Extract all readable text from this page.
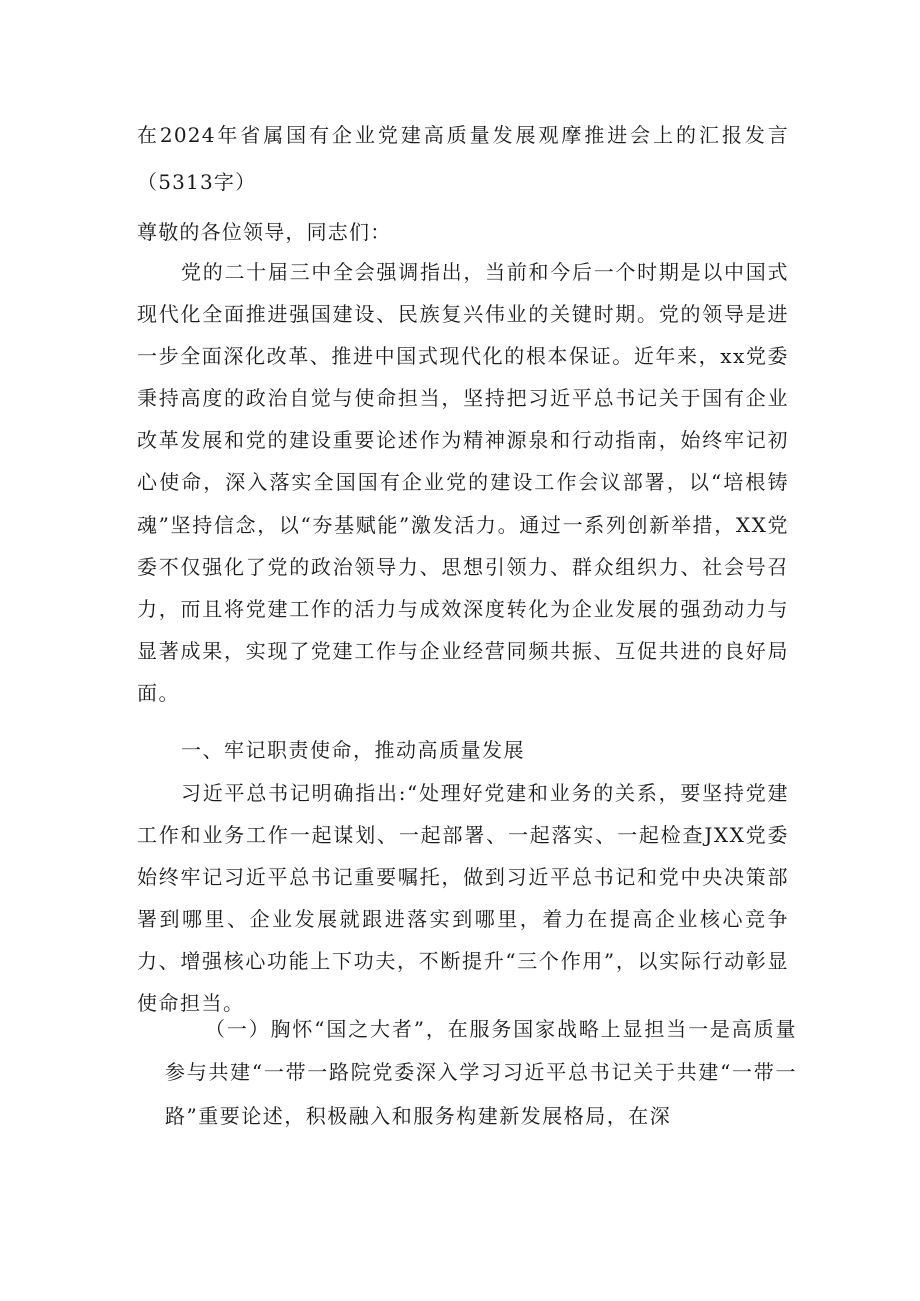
在2024年省属国有企业党建高质量发展观摩推进会上的汇报发言（5313字）
尊敬的各位领导，同志们：

党的二十届三中全会强调指出，当前和今后一个时期是以中国式现代化全面推进强国建设、民族复兴伟业的关键时期。党的领导是进一步全面深化改革、推进中国式现代化的根本保证。近年来，xx党委秉持高度的政治自觉与使命担当，坚持把习近平总书记关于国有企业改革发展和党的建设重要论述作为精神源泉和行动指南，始终牢记初心使命，深入落实全国国有企业党的建设工作会议部署，以“培根铸魂”坚持信念，以“夯基赋能”激发活力。通过一系列创新举措，XX党委不仅强化了党的政治领导力、思想引领力、群众组织力、社会号召力，而且将党建工作的活力与成效深度转化为企业发展的强劲动力与显著成果，实现了党建工作与企业经营同频共振、互促共进的良好局面。

一、牢记职责使命，推动高质量发展

习近平总书记明确指出:“处理好党建和业务的关系，要坚持党建工作和业务工作一起谋划、一起部署、一起落实、一起检查JXX党委始终牢记习近平总书记重要嘱托，做到习近平总书记和党中央决策部署到哪里、企业发展就跟进落实到哪里，着力在提高企业核心竞争力、增强核心功能上下功夫，不断提升“三个作用”，以实际行动彰显使命担当。

（一）胸怀“国之大者”，在服务国家战略上显担当一是高质量参与共建“一带一路院党委深入学习习近平总书记关于共建“一带一路”重要论述，积极融入和服务构建新发展格局，在深
